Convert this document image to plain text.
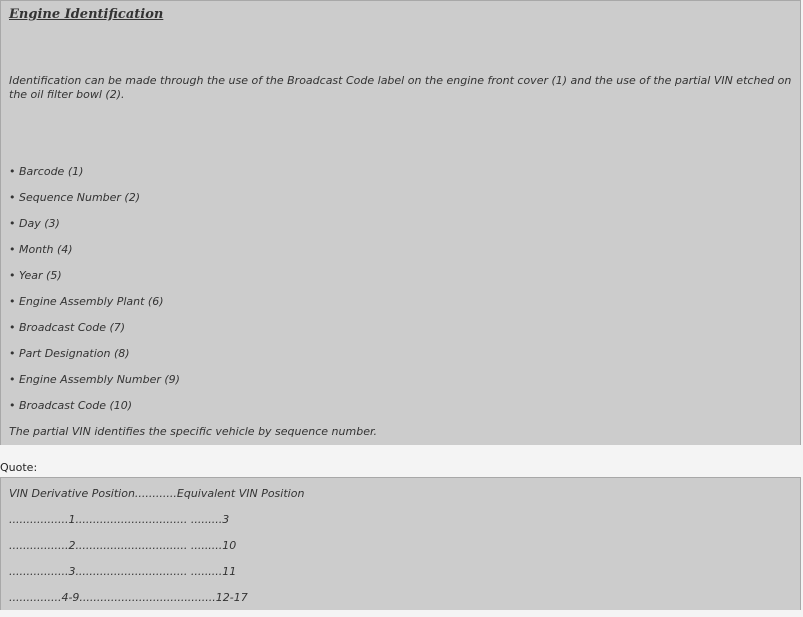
Engine Identification
Identification can be made through the use of the Broadcast Code label on the engine front cover (1) and the use of the partial VIN etched on the oil filter bowl (2).
• Barcode (1)
• Sequence Number (2)
• Day (3)
• Month (4)
• Year (5)
• Engine Assembly Plant (6)
• Broadcast Code (7)
• Part Designation (8)
• Engine Assembly Number (9)
• Broadcast Code (10)
The partial VIN identifies the specific vehicle by sequence number.
Quote:
VIN Derivative Position............Equivalent VIN Position
.................1................................ .........3
.................2................................ .........10
.................3................................ .........11
...............4-9.......................................12-17
